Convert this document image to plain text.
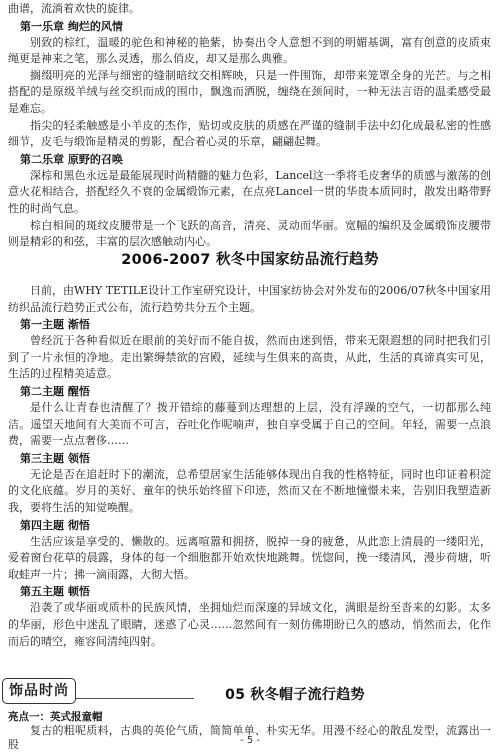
曲谱，流淌着欢快的旋律。

第一乐章 绚烂的风情

别致的棕红，温暖的驼色和神秘的艳紫，协奏出令人意想不到的明媚基调，富有创意的皮质束绳更是神来之笔，那么灵透，那么俏皮，却又是那么典雅。

搁缀明亮的光泽与细密的缝制暗纹交相辉映，只是一件围饰，却带来笼罩全身的光芒。与之相搭配的是原级羊绒与丝交织而成的围巾，飘逸而洒脱，缠绕在颈间时，一种无法言语的温柔感受最是难忘。

指尖的轻柔触感是小羊皮的杰作，贴切或皮肤的质感在严谨的缝制手法中幻化成最私密的性感细节，皮毛与缎饰是精灵的剪影，配合着心灵的乐章，翩翩起舞。

第二乐章 原野的召唤

深棕和黑色永远是最能展现时尚精髓的魅力色彩，Lancel这一季将毛皮奢华的质感与激荡的创意火花相结合，搭配经久不衰的金属缎饰元素，在点亮Lancel一贯的华贵本质同时，散发出略带野性的时尚气息。

棕白相间的斑纹皮腰带是一个飞跃的高音，清亮、灵动而华丽。宽幅的编织及金属缎饰皮腰带则是精彩的和弦，丰富的层次感触动内心。

2006-2007 秋冬中国家纺品流行趋势

日前，由WHY TETILE设计工作室研究设计，中国家纺协会对外发布的2006/07秋冬中国家用纺织品流行趋势正式公布，流行趋势共分五个主题。

第一主题 渐悟

曾经沉于各种看似近在眼前的美好而不能自拔，然而由迷到悟，带来无限遐想的同时把我们引到了一片永恒的净地。走出繁缛禁欲的宫殿，延续与生俱来的高贵，从此，生活的真谛真实可见，生活的过程精美适意。

第二主题 醒悟

是什么让青春也清醒了？拨开错综的藤蔓到达理想的上层，没有浮躁的空气，一切都那么纯洁。遥望天地间有大美而不可言，吞吐化作呢喃声，独自享受属于自己的空间。年轻，需要一点浪费，需要一点点奢侈……

第三主题 领悟

无论是否在追赶时下的潮流，总希望居家生活能够体现出自我的性格特征，同时也印证着积淀的文化底蕴。岁月的美好、童年的快乐始终留下印迹，然而又在不断地憧憬未来，告别旧我塑造新我，要将生活的知觉唤醒。

第四主题 彻悟

生活应该是享受的、懒散的。远离喧嚣和拥挤，脱掉一身的疲惫，从此恋上清晨的一缕阳光，爱着窗台花草的晨露，身体的每一个细胞都开始欢快地跳舞。恍惚间，挽一缕清风，漫步荷塘，听取蛙声一片；拂一滴雨露，大彻大悟。

第五主题 顿悟

沿袭了或华丽或质朴的民族风情，坐拥灿烂而深邃的异域文化，满眼是纷至沓来的幻影。太多的华丽，形色中迷乱了眼睛，迷惑了心灵……忽然间有一刻仿佛期盼已久的感动，悄然而去，化作而后的晴空，雍容间清纯四射。

饰品时尚	05 秋冬帽子流行趋势

亮点一：英式报童帽

复古的粗呢质料，古典的英伦气质，简简单单、朴实无华。用漫不经心的散乱发型，流露出一股	- 5 -
